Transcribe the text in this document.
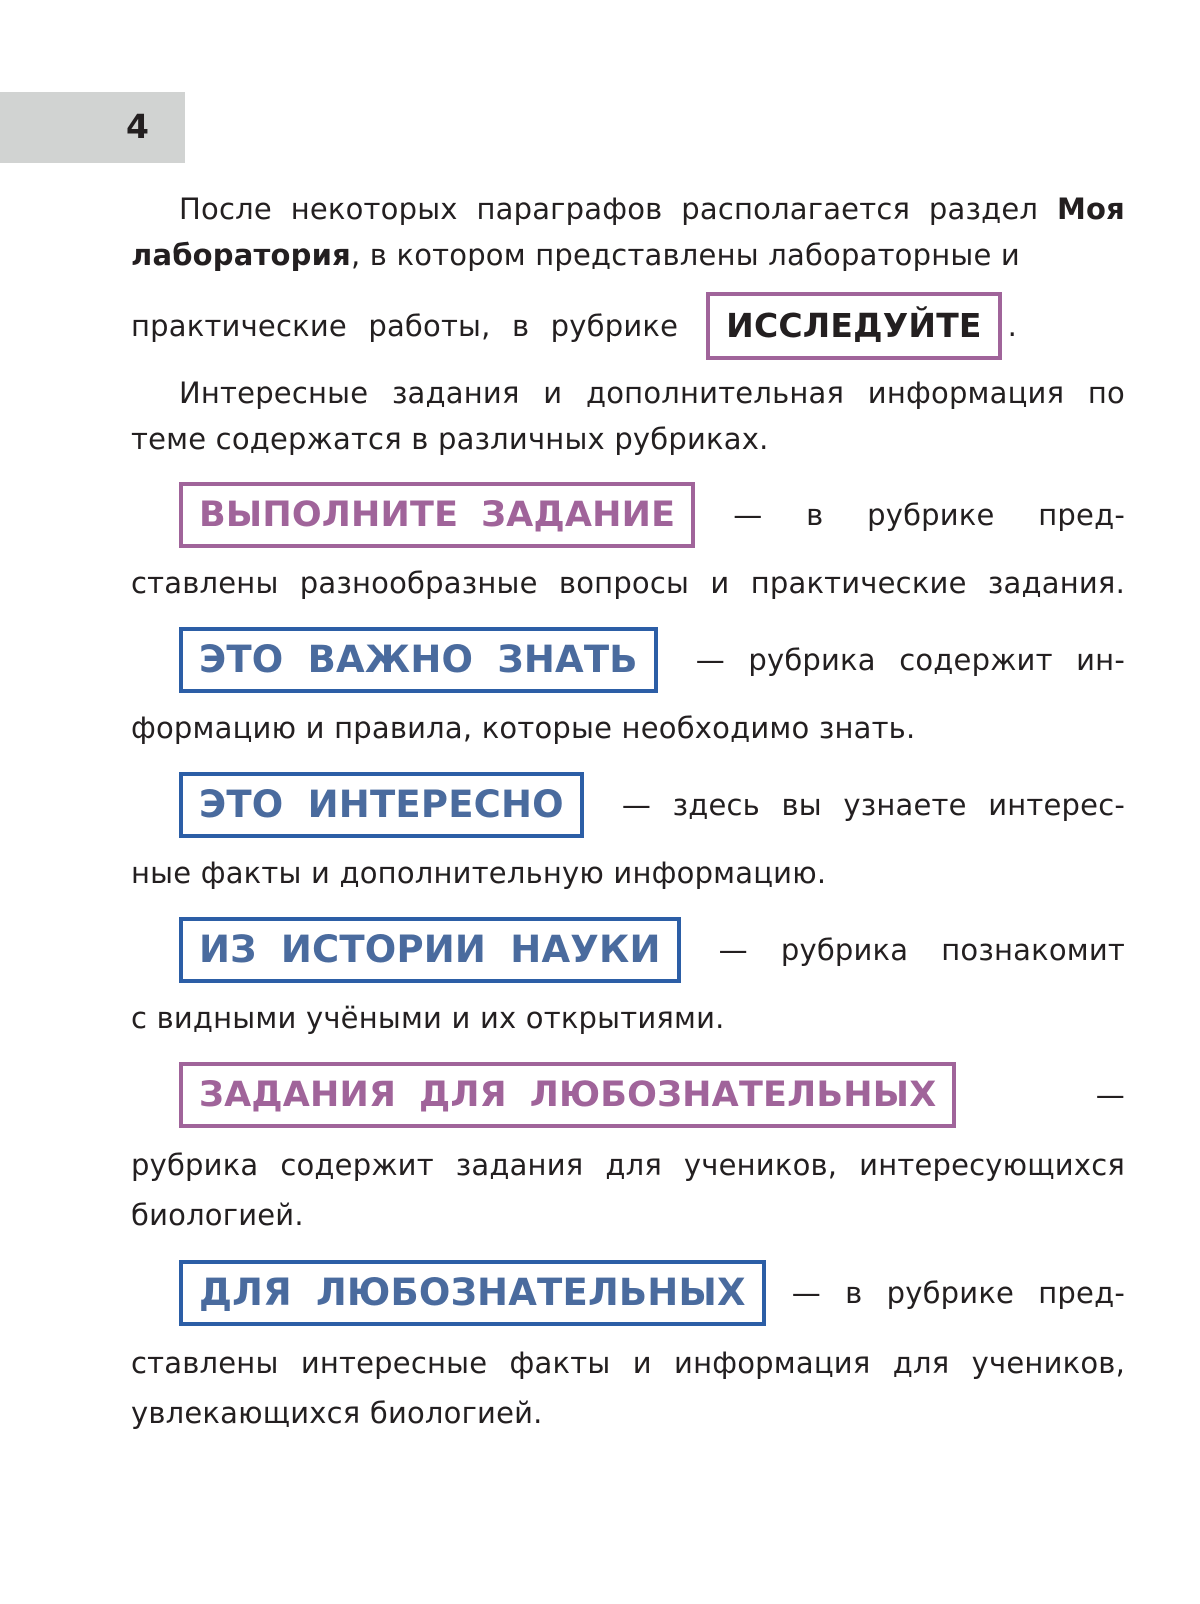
4

После некоторых параграфов располагается раздел Моя лаборатория, в котором представлены лабораторные и

практические работы, в рубрике	ИССЛЕДУЙТЕ .

Интересные задания и дополнительная информация по теме содержатся в различных рубриках.

ВЫПОЛНИТЕ ЗАДАНИЕ	— в рубрике пред-

ставлены разнообразные вопросы и практические задания.

ЭТО ВАЖНО ЗНАТЬ	— рубрика содержит ин-

формацию и правила, которые необходимо знать.

ЭТО ИНТЕРЕСНО	— здесь вы узнаете интерес-

ные факты и дополнительную информацию.

ИЗ ИСТОРИИ НАУКИ	— рубрика познакомит

с видными учёными и их открытиями.

ЗАДАНИЯ ДЛЯ ЛЮБОЗНАТЕЛЬНЫХ	—

рубрика содержит задания для учеников, интересующихся биологией.

ДЛЯ ЛЮБОЗНАТЕЛЬНЫХ	— в рубрике пред-

ставлены интересные факты и информация для учеников, увлекающихся биологией.
